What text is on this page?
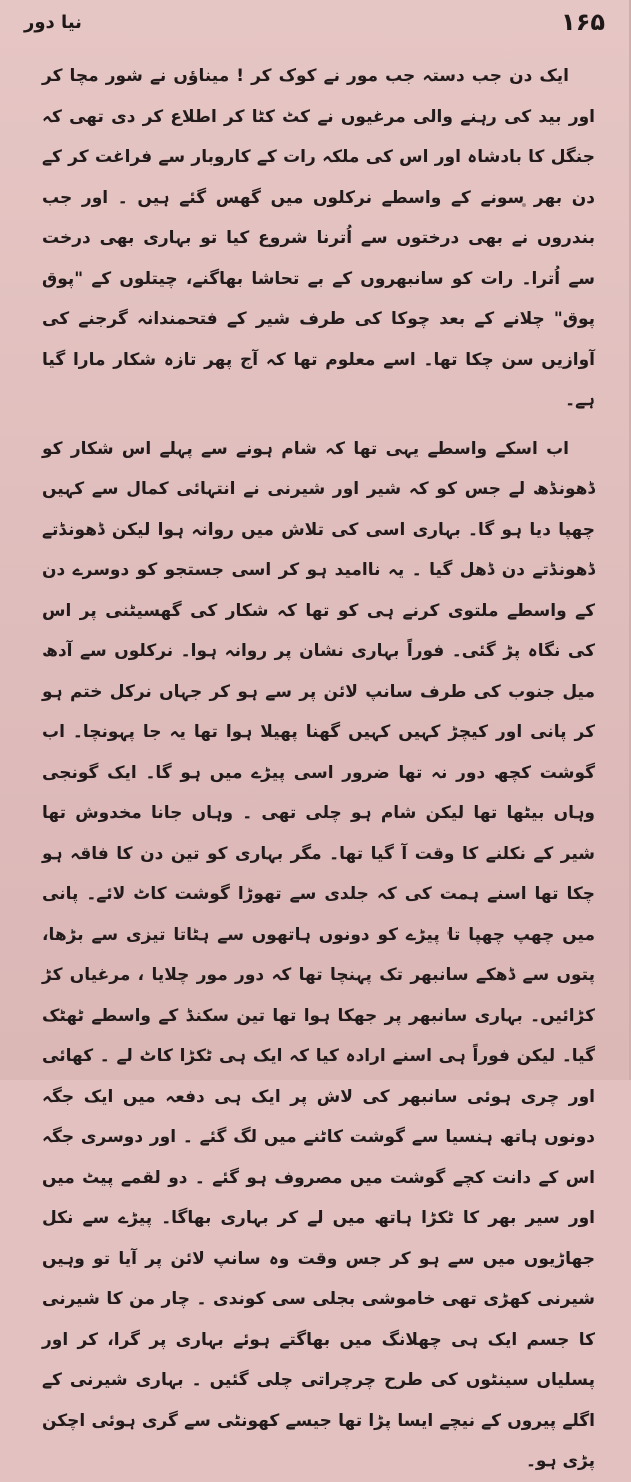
نیا دور	۱۶۵

ایک دن جب دستہ جب مور نے کوک کر ! میناؤں نے شور مچا کر اور بید کی رہنے والی مرغیوں نے کٹ کٹا کر اطلاع کر دی تھی کہ جنگل کا بادشاہ اور اس کی ملکہ رات کے کاروبار سے فراغت کر کے دن بھر سونے کے واسطے نرکلوں میں گھس گئے ہیں ۔ اور جب بندروں نے بھی درختوں سے اُترنا شروع کیا تو بہاری بھی درخت سے اُترا۔ رات کو سانبھروں کے بے تحاشا بھاگنے، چیتلوں کے "پوق پوق" چلانے کے بعد چوکا کی طرف شیر کے فتحمندانہ گرجنے کی آوازیں سن چکا تھا۔ اسے معلوم تھا کہ آج پھر تازہ شکار مارا گیا ہے۔

اب اسکے واسطے یہی تھا کہ شام ہونے سے پہلے اس شکار کو ڈھونڈھ لے جس کو کہ شیر اور شیرنی نے انتہائی کمال سے کہیں چھپا دیا ہو گا۔ بہاری اسی کی تلاش میں روانہ ہوا لیکن ڈھونڈتے ڈھونڈتے دن ڈھل گیا ۔ یہ ناامید ہو کر اسی جستجو کو دوسرے دن کے واسطے ملتوی کرنے ہی کو تھا کہ شکار کی گھسیٹنی پر اس کی نگاہ پڑ گئی۔ فوراً بہاری نشان پر روانہ ہوا۔ نرکلوں سے آدھ میل جنوب کی طرف سانپ لائن پر سے ہو کر جہاں نرکل ختم ہو کر پانی اور کیچڑ کہیں کہیں گھنا پھیلا ہوا تھا یہ جا پہونچا۔ اب گوشت کچھ دور نہ تھا ضرور اسی پیڑے میں ہو گا۔ ایک گونجی وہاں بیٹھا تھا لیکن شام ہو چلی تھی ۔ وہاں جانا مخدوش تھا شیر کے نکلنے کا وقت آ گیا تھا۔ مگر بہاری کو تین دن کا فاقہ ہو چکا تھا اسنے ہمت کی کہ جلدی سے تھوڑا گوشت کاٹ لائے۔ پانی میں چھپ چھپا تا پیڑے کو دونوں ہاتھوں سے ہٹاتا تیزی سے بڑھا، پتوں سے ڈھکے سانبھر تک پہنچا تھا کہ دور مور چلایا ، مرغیاں کڑ کڑائیں۔ بہاری سانبھر پر جھکا ہوا تھا تین سکنڈ کے واسطے ٹھٹک گیا۔ لیکن فوراً ہی اسنے ارادہ کیا کہ ایک ہی ٹکڑا کاٹ لے ۔ کھائی اور چری ہوئی سانبھر کی لاش پر ایک ہی دفعہ میں ایک جگہ دونوں ہاتھ ہنسیا سے گوشت کاٹنے میں لگ گئے ۔ اور دوسری جگہ اس کے دانت کچے گوشت میں مصروف ہو گئے ۔ دو لقمے پیٹ میں اور سیر بھر کا ٹکڑا ہاتھ میں لے کر بہاری بھاگا۔ پیڑے سے نکل جھاڑیوں میں سے ہو کر جس وقت وہ سانپ لائن پر آیا تو وہیں شیرنی کھڑی تھی خاموشی بجلی سی کوندی ۔ چار من کا شیرنی کا جسم ایک ہی چھلانگ میں بھاگتے ہوئے بہاری پر گرا، کر اور پسلیاں سینٹوں کی طرح چرچراتی چلی گئیں ۔ بہاری شیرنی کے اگلے پیروں کے نیچے ایسا پڑا تھا جیسے کھونٹی سے گری ہوئی اچکن پڑی ہو۔
